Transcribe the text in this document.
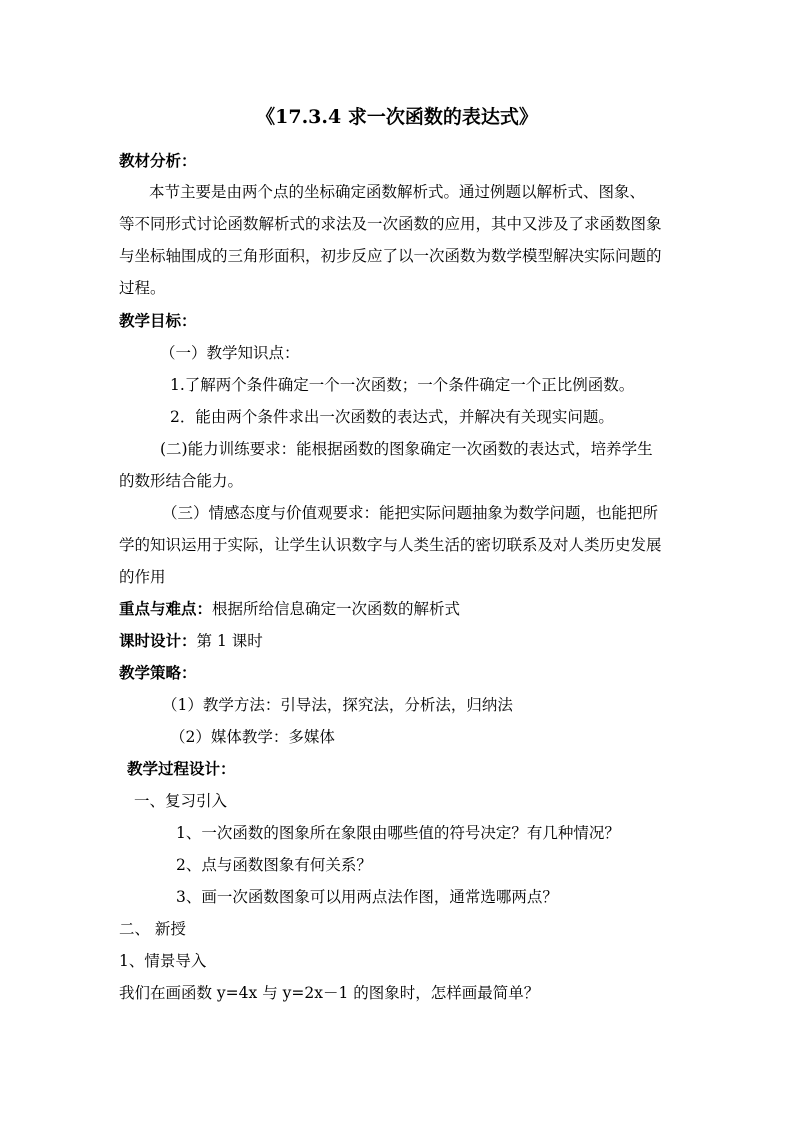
《17.3.4 求一次函数的表达式》
教材分析：
本节主要是由两个点的坐标确定函数解析式。通过例题以解析式、图象、
等不同形式讨论函数解析式的求法及一次函数的应用，其中又涉及了求函数图象
与坐标轴围成的三角形面积，初步反应了以一次函数为数学模型解决实际问题的
过程。
教学目标：
（一）教学知识点：
1.了解两个条件确定一个一次函数；一个条件确定一个正比例函数。
2．能由两个条件求出一次函数的表达式，并解决有关现实问题。
(二)能力训练要求：能根据函数的图象确定一次函数的表达式，培养学生
的数形结合能力。
（三）情感态度与价值观要求：能把实际问题抽象为数学问题，也能把所
学的知识运用于实际，让学生认识数字与人类生活的密切联系及对人类历史发展
的作用
重点与难点：根据所给信息确定一次函数的解析式
课时设计：第 1 课时
教学策略：
（1）教学方法：引导法，探究法，分析法，归纳法
（2）媒体教学：多媒体
教学过程设计：
一、复习引入
1、一次函数的图象所在象限由哪些值的符号决定？有几种情况？
2、点与函数图象有何关系？
3、画一次函数图象可以用两点法作图，通常选哪两点？
二、 新授
1、情景导入
我们在画函数 y=4x 与 y=2x－1 的图象时，怎样画最简单？
